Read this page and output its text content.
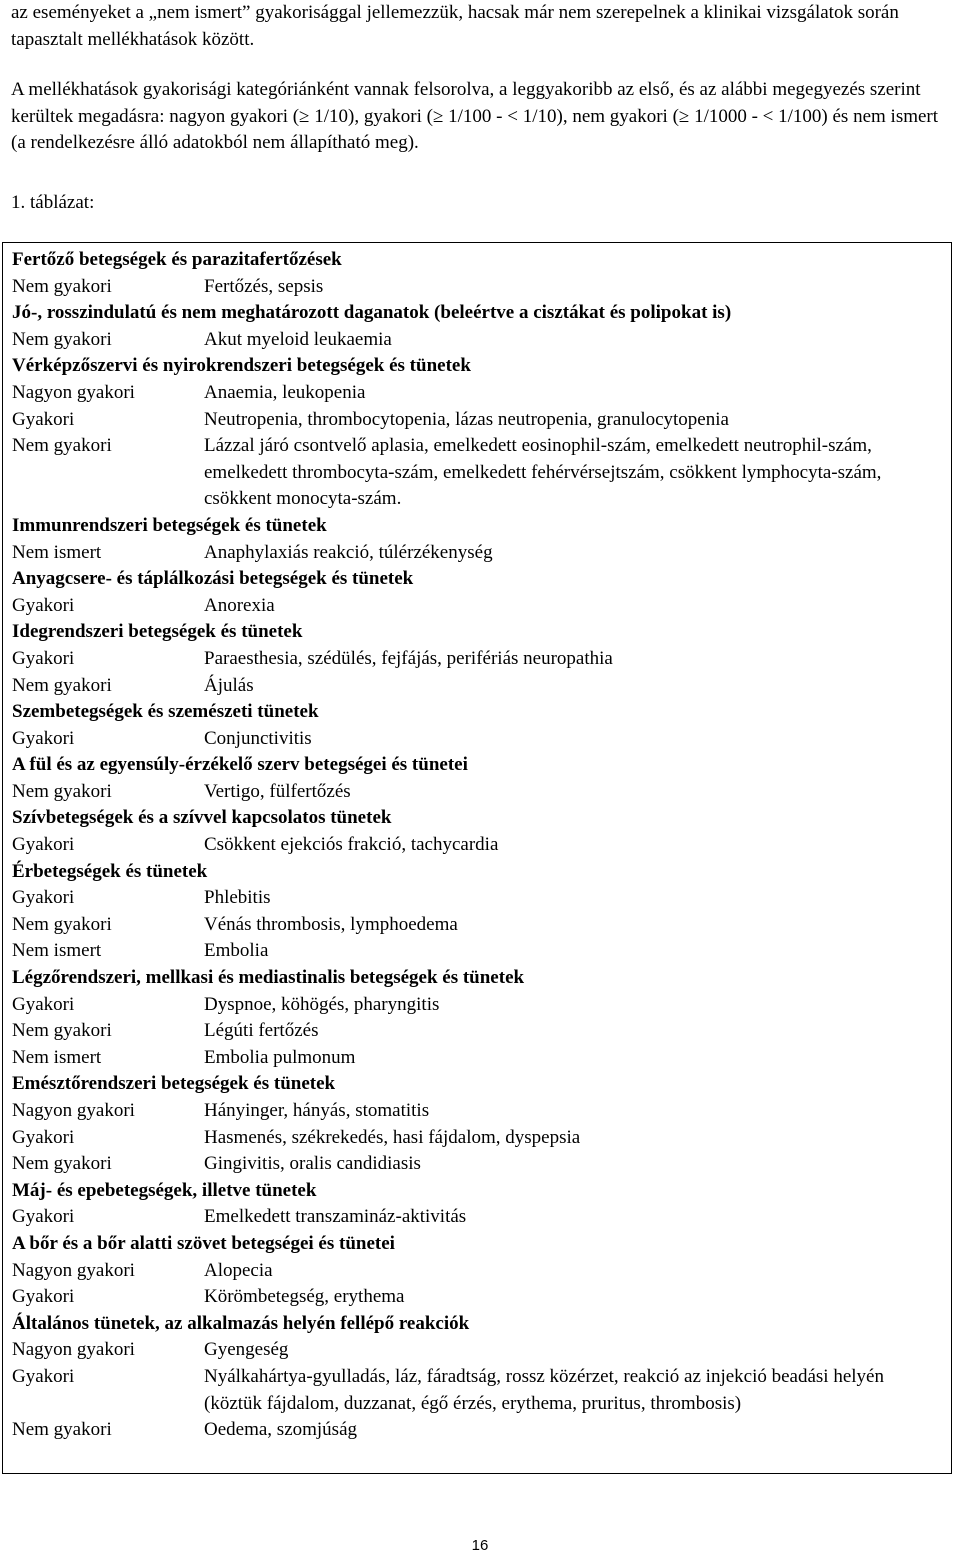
az eseményeket a „nem ismert” gyakorisággal jellemezzük, hacsak már nem szerepelnek a klinikai vizsgálatok során tapasztalt mellékhatások között.

A mellékhatások gyakorisági kategóriánként vannak felsorolva, a leggyakoribb az első, és az alábbi megegyezés szerint kerültek megadásra: nagyon gyakori (≥ 1/10), gyakori (≥ 1/100 - < 1/10), nem gyakori (≥ 1/1000 - < 1/100) és nem ismert (a rendelkezésre álló adatokból nem állapítható meg).

1. táblázat:
Fertőző betegségek és parazitafertőzések
Nem gyakori	Fertőzés, sepsis
Jó-, rosszindulatú és nem meghatározott daganatok (beleértve a cisztákat és polipokat is)
Nem gyakori	Akut myeloid leukaemia
Vérképzőszervi és nyirokrendszeri betegségek és tünetek
Nagyon gyakori	Anaemia, leukopenia
Gyakori	Neutropenia, thrombocytopenia, lázas neutropenia, granulocytopenia
Nem gyakori	Lázzal járó csontvelő aplasia, emelkedett eosinophil-szám, emelkedett neutrophil-szám, emelkedett thrombocyta-szám, emelkedett fehérvérsejtszám, csökkent lymphocyta-szám, csökkent monocyta-szám.
Immunrendszeri betegségek és tünetek
Nem ismert	Anaphylaxiás reakció, túlérzékenység
Anyagcsere- és táplálkozási betegségek és tünetek
Gyakori	Anorexia
Idegrendszeri betegségek és tünetek
Gyakori	Paraesthesia, szédülés, fejfájás, perifériás neuropathia
Nem gyakori	Ájulás
Szembetegségek és szemészeti tünetek
Gyakori	Conjunctivitis
A fül és az egyensúly-érzékelő szerv betegségei és tünetei
Nem gyakori	Vertigo, fülfertőzés
Szívbetegségek és a szívvel kapcsolatos tünetek
Gyakori	Csökkent ejekciós frakció, tachycardia
Érbetegségek és tünetek
Gyakori	Phlebitis
Nem gyakori	Vénás thrombosis, lymphoedema
Nem ismert	Embolia
Légzőrendszeri, mellkasi és mediastinalis betegségek és tünetek
Gyakori	Dyspnoe, köhögés, pharyngitis
Nem gyakori	Légúti fertőzés
Nem ismert	Embolia pulmonum
Emésztőrendszeri betegségek és tünetek
Nagyon gyakori	Hányinger, hányás, stomatitis
Gyakori	Hasmenés, székrekedés, hasi fájdalom, dyspepsia
Nem gyakori	Gingivitis, oralis candidiasis
Máj- és epebetegségek, illetve tünetek
Gyakori	Emelkedett transzamináz-aktivitás
A bőr és a bőr alatti szövet betegségei és tünetei
Nagyon gyakori	Alopecia
Gyakori	Körömbetegség, erythema
Általános tünetek, az alkalmazás helyén fellépő reakciók
Nagyon gyakori	Gyengeség
Gyakori	Nyálkahártya-gyulladás, láz, fáradtság, rossz közérzet, reakció az injekció beadási helyén (köztük fájdalom, duzzanat, égő érzés, erythema, pruritus, thrombosis)
Nem gyakori	Oedema, szomjúság
16
